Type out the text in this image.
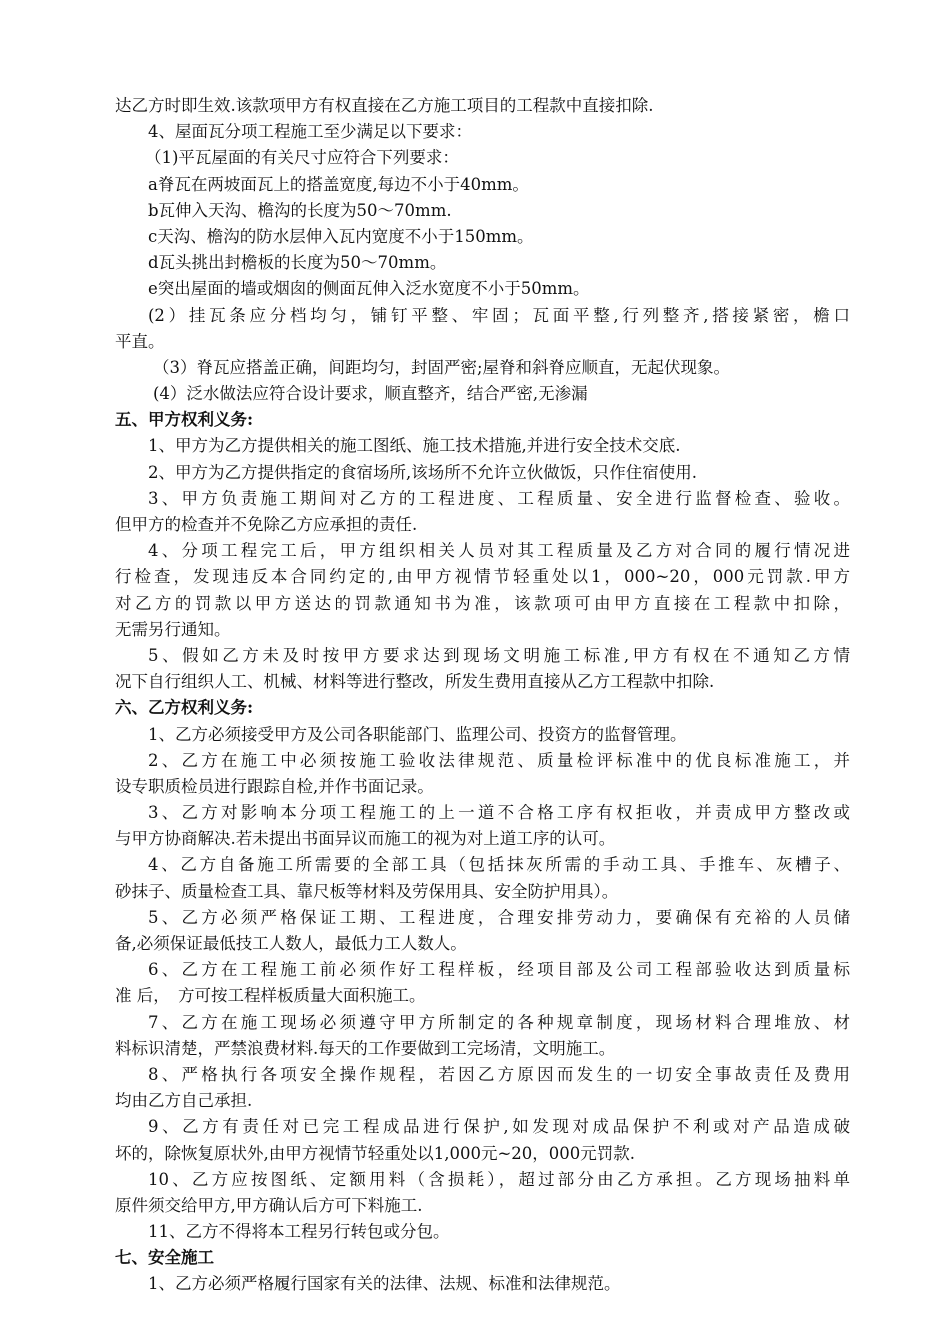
达乙方时即生效.该款项甲方有权直接在乙方施工项目的工程款中直接扣除.
4、屋面瓦分项工程施工至少满足以下要求：
（1)平瓦屋面的有关尺寸应符合下列要求：
a脊瓦在两坡面瓦上的搭盖宽度,每边不小于40mm。
b瓦伸入天沟、檐沟的长度为50～70mm.
c天沟、檐沟的防水层伸入瓦内宽度不小于150mm。
d瓦头挑出封檐板的长度为50～70mm。
e突出屋面的墙或烟囱的侧面瓦伸入泛水宽度不小于50mm。
(2）挂瓦条应分档均匀，铺钉平整、牢固；瓦面平整,行列整齐,搭接紧密，檐口
平直。
（3）脊瓦应搭盖正确，间距均匀，封固严密;屋脊和斜脊应顺直，无起伏现象。
(4）泛水做法应符合设计要求，顺直整齐，结合严密,无渗漏
五、甲方权利义务:
1、甲方为乙方提供相关的施工图纸、施工技术措施,并进行安全技术交底.
2、甲方为乙方提供指定的食宿场所,该场所不允许立伙做饭，只作住宿使用.
3、甲方负责施工期间对乙方的工程进度、工程质量、安全进行监督检查、验收。
但甲方的检查并不免除乙方应承担的责任.
4、分项工程完工后，甲方组织相关人员对其工程质量及乙方对合同的履行情况进
行检查，发现违反本合同约定的,由甲方视情节轻重处以1，000~20，000元罚款.甲方
对乙方的罚款以甲方送达的罚款通知书为准，该款项可由甲方直接在工程款中扣除，
无需另行通知。
5、假如乙方未及时按甲方要求达到现场文明施工标准,甲方有权在不通知乙方情
况下自行组织人工、机械、材料等进行整改，所发生费用直接从乙方工程款中扣除.
六、乙方权利义务:
1、乙方必须接受甲方及公司各职能部门、监理公司、投资方的监督管理。
2、乙方在施工中必须按施工验收法律规范、质量检评标准中的优良标准施工，并
设专职质检员进行跟踪自检,并作书面记录。
3、乙方对影响本分项工程施工的上一道不合格工序有权拒收，并责成甲方整改或
与甲方协商解决.若未提出书面异议而施工的视为对上道工序的认可。
4、乙方自备施工所需要的全部工具（包括抹灰所需的手动工具、手推车、灰槽子、
砂抹子、质量检查工具、靠尺板等材料及劳保用具、安全防护用具）。
5、乙方必须严格保证工期、工程进度，合理安排劳动力，要确保有充裕的人员储
备,必须保证最低技工人数人，最低力工人数人。
6、乙方在工程施工前必须作好工程样板，经项目部及公司工程部验收达到质量标
准 后，　方可按工程样板质量大面积施工。
7、乙方在施工现场必须遵守甲方所制定的各种规章制度，现场材料合理堆放、材
料标识清楚，严禁浪费材料.每天的工作要做到工完场清，文明施工。
8、严格执行各项安全操作规程，若因乙方原因而发生的一切安全事故责任及费用
均由乙方自己承担.
9、乙方有责任对已完工程成品进行保护,如发现对成品保护不利或对产品造成破
坏的，除恢复原状外,由甲方视情节轻重处以1,000元~20，000元罚款.
10、乙方应按图纸、定额用料（含损耗），超过部分由乙方承担。乙方现场抽料单
原件须交给甲方,甲方确认后方可下料施工.
11、乙方不得将本工程另行转包或分包。
七、安全施工
1、乙方必须严格履行国家有关的法律、法规、标准和法律规范。
